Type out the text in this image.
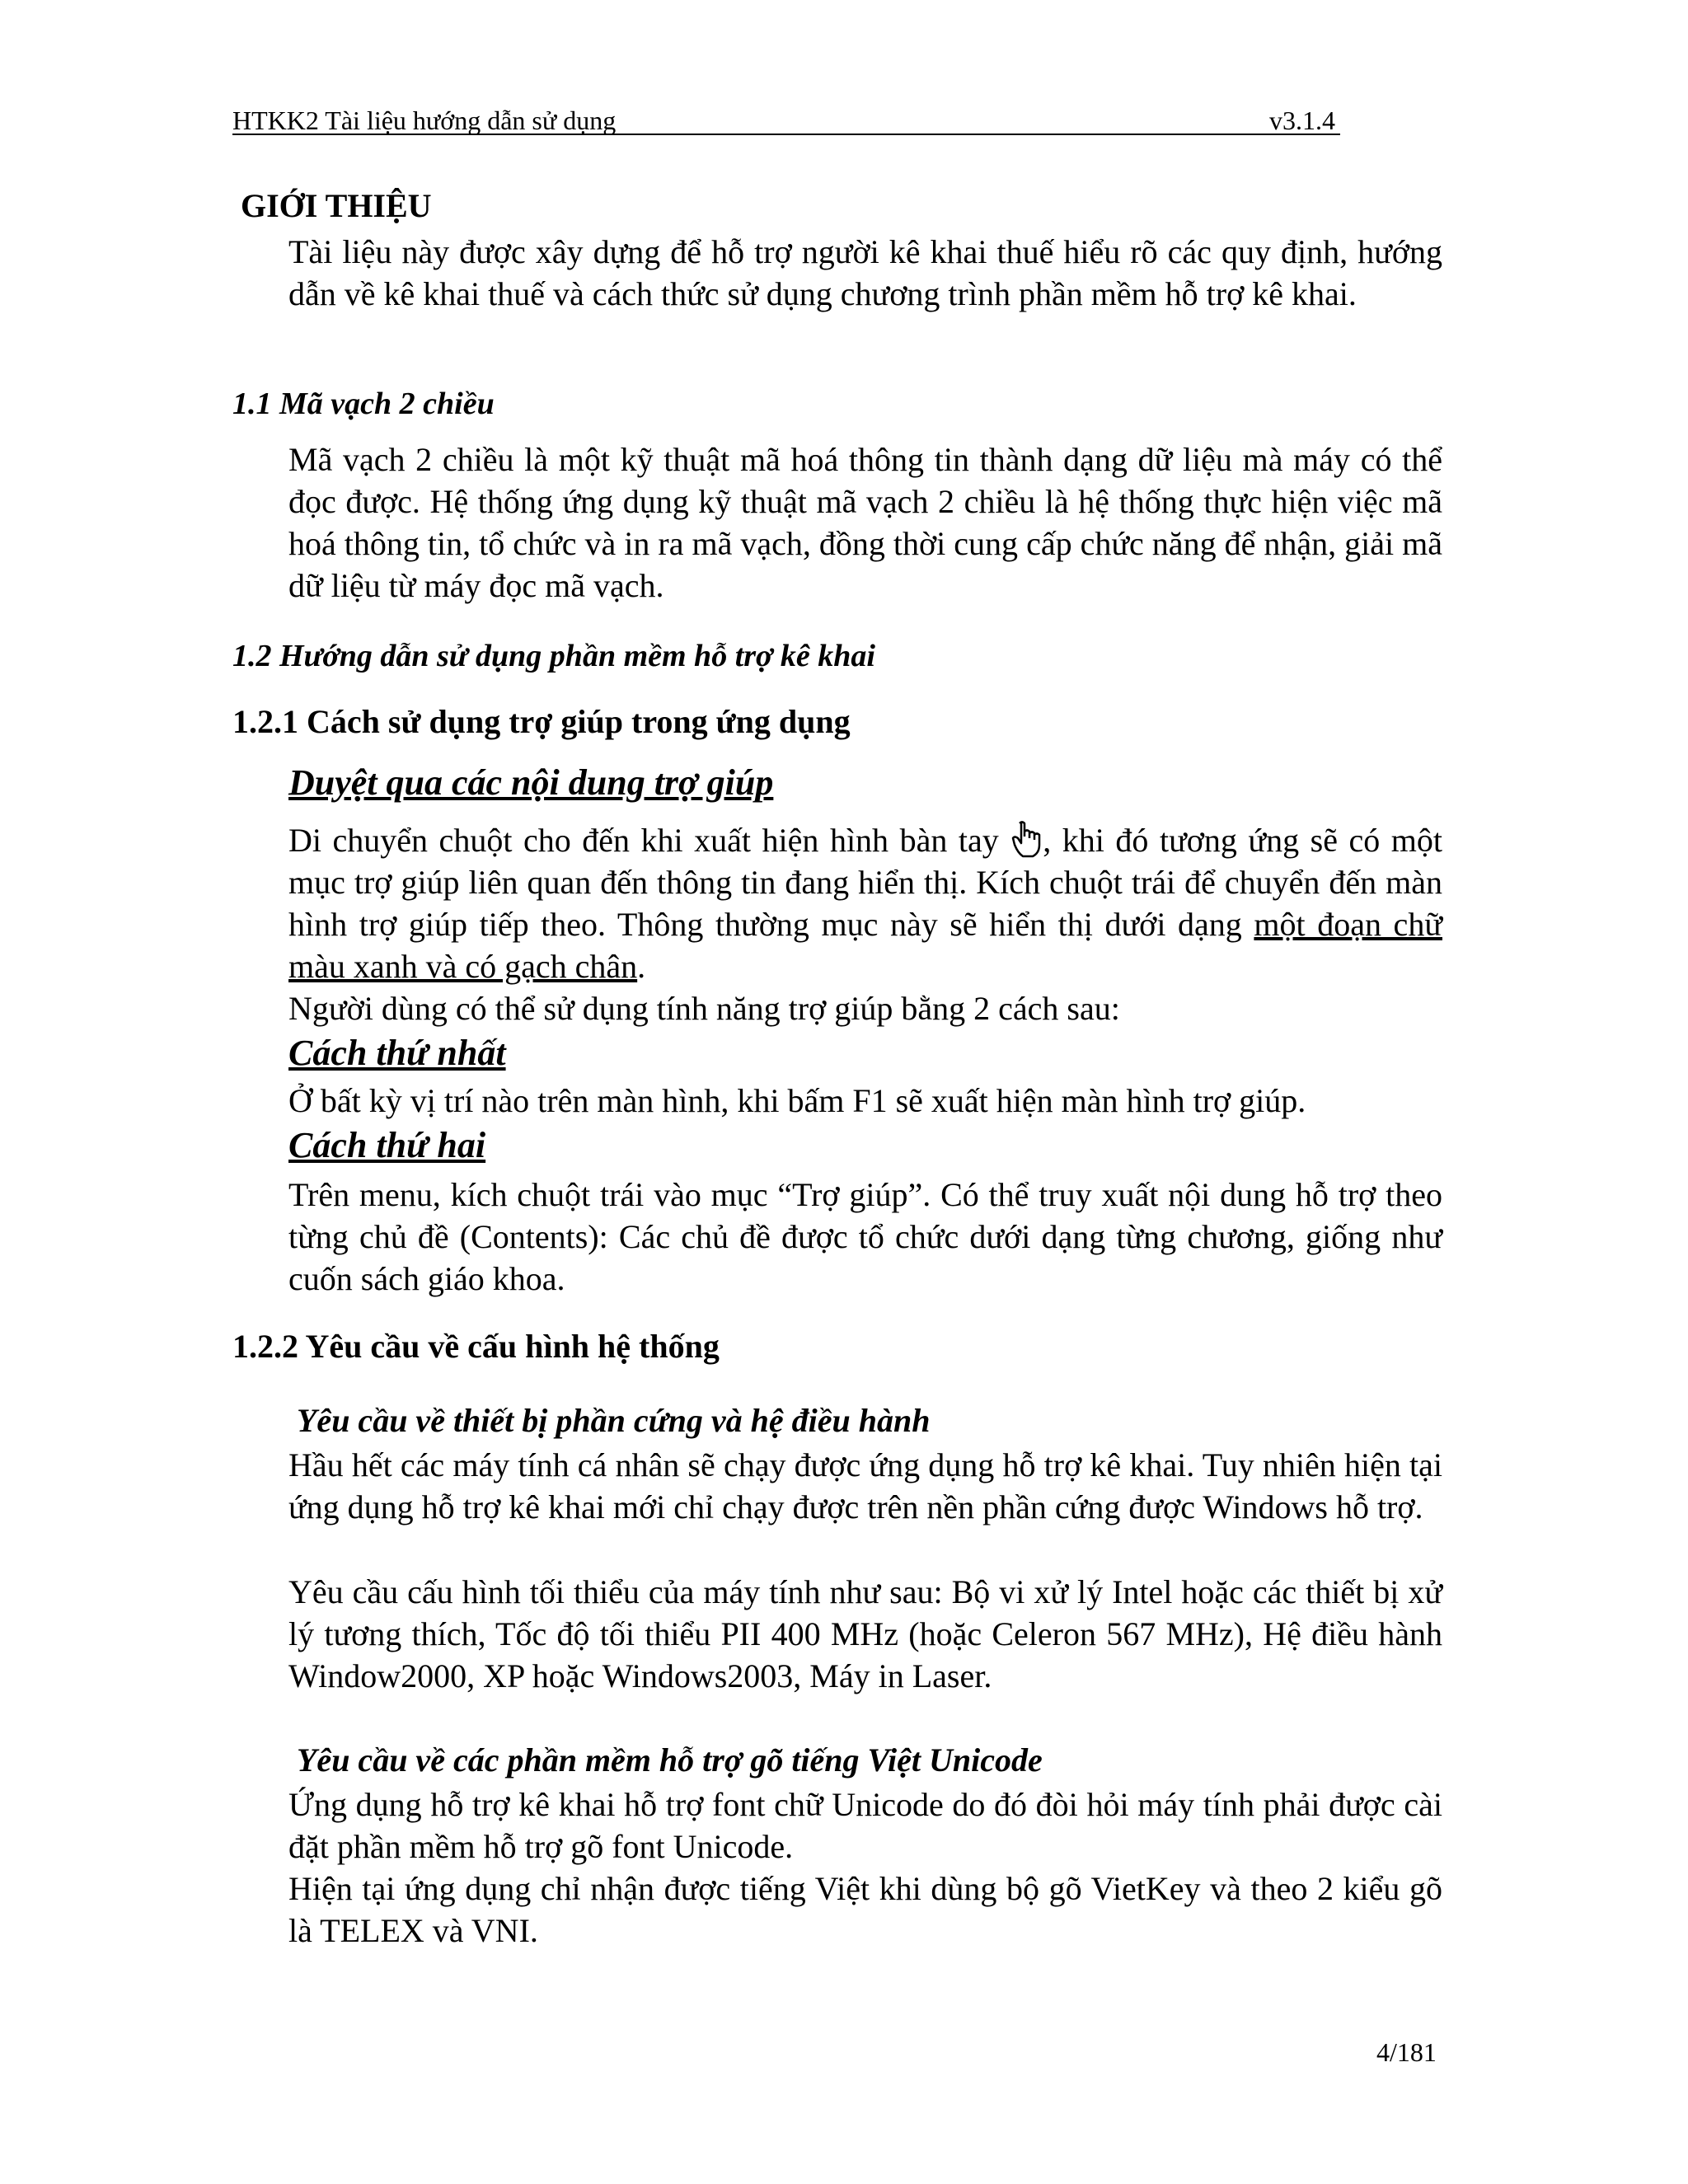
HTKK2 Tài liệu hướng dẫn sử dụng	v3.1.4
GIỚI THIỆU

Tài liệu này được xây dựng để hỗ trợ người kê khai thuế hiểu rõ các quy định, hướng dẫn về kê khai thuế và cách thức sử dụng chương trình phần mềm hỗ trợ kê khai.

1.1 Mã vạch 2 chiều

Mã vạch 2 chiều là một kỹ thuật mã hoá thông tin thành dạng dữ liệu mà máy có thể đọc được. Hệ thống ứng dụng kỹ thuật mã vạch 2 chiều là hệ thống thực hiện việc mã hoá thông tin, tổ chức và in ra mã vạch, đồng thời cung cấp chức năng để nhận, giải mã dữ liệu từ máy đọc mã vạch.

1.2 Hướng dẫn sử dụng phần mềm hỗ trợ kê khai
1.2.1 Cách sử dụng trợ giúp trong ứng dụng
Duyệt qua các nội dung trợ giúp

Di chuyển chuột cho đến khi xuất hiện hình bàn tay , khi đó tương ứng sẽ có một mục trợ giúp liên quan đến thông tin đang hiển thị. Kích chuột trái để chuyển đến màn hình trợ giúp tiếp theo. Thông thường mục này sẽ hiển thị dưới dạng một đoạn chữ màu xanh và có gạch chân.

Người dùng có thể sử dụng tính năng trợ giúp bằng 2 cách sau:

Cách thứ nhất

Ở bất kỳ vị trí nào trên màn hình, khi bấm F1 sẽ xuất hiện màn hình trợ giúp.

Cách thứ hai

Trên menu, kích chuột trái vào mục “Trợ giúp”. Có thể truy xuất nội dung hỗ trợ theo từng chủ đề (Contents): Các chủ đề được tổ chức dưới dạng từng chương, giống như cuốn sách giáo khoa.

1.2.2 Yêu cầu về cấu hình hệ thống
Yêu cầu về thiết bị phần cứng và hệ điều hành

Hầu hết các máy tính cá nhân sẽ chạy được ứng dụng hỗ trợ kê khai. Tuy nhiên hiện tại ứng dụng hỗ trợ kê khai mới chỉ chạy được trên nền phần cứng được Windows hỗ trợ.

Yêu cầu cấu hình tối thiểu của máy tính như sau: Bộ vi xử lý Intel hoặc các thiết bị xử lý tương thích, Tốc độ tối thiểu PII 400 MHz (hoặc Celeron 567 MHz), Hệ điều hành Window2000, XP hoặc Windows2003, Máy in Laser.

Yêu cầu về các phần mềm hỗ trợ gõ tiếng Việt Unicode

Ứng dụng hỗ trợ kê khai hỗ trợ font chữ Unicode do đó đòi hỏi máy tính phải được cài đặt phần mềm hỗ trợ gõ font Unicode.

Hiện tại ứng dụng chỉ nhận được tiếng Việt khi dùng bộ gõ VietKey và theo 2 kiểu gõ là TELEX và VNI.

4/181
